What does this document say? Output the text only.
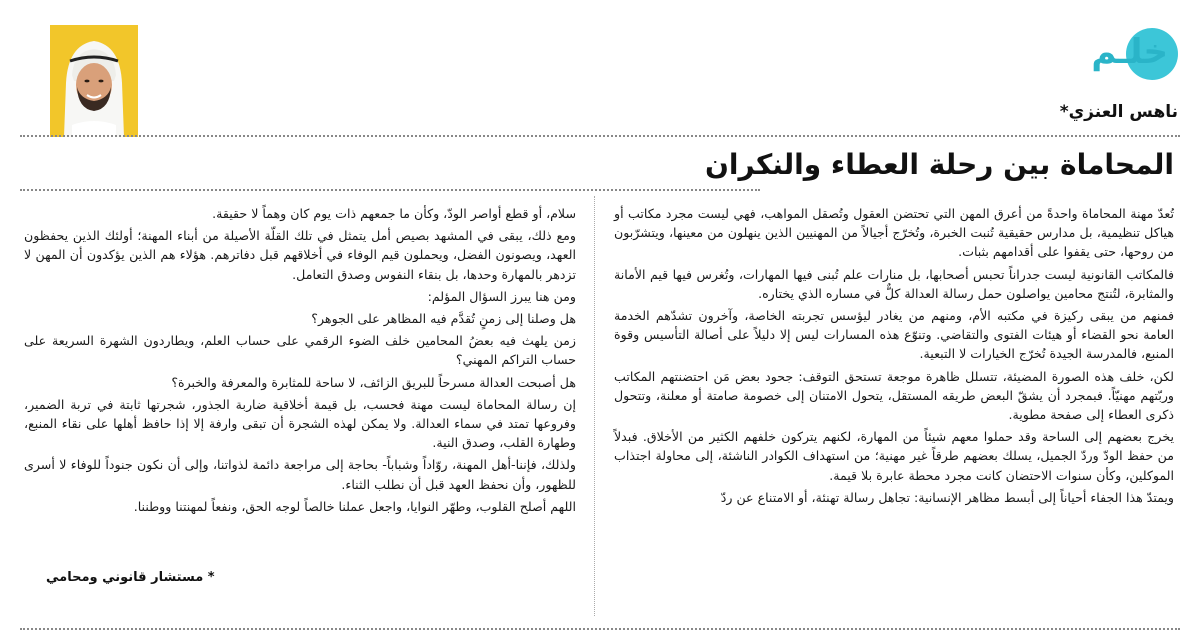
خلـم
ناهس العنزي*
المحاماة بين رحلة العطاء والنكران

تُعدّ مهنة المحاماة واحدةً من أعرق المهن التي تحتضن العقول وتُصقل المواهب، فهي ليست مجرد مكاتب أو هياكل تنظيمية، بل مدارس حقيقية تُنبت الخبرة، وتُخرّج أجيالاً من المهنيين الذين ينهلون من معينها، ويتشرّبون من روحها، حتى يقفوا على أقدامهم بثبات.

فالمكاتب القانونية ليست جدراناً تحبس أصحابها، بل منارات علم تُبنى فيها المهارات، وتُغرس فيها قيم الأمانة والمثابرة، لتُنتج محامين يواصلون حمل رسالة العدالة كلٌّ في مساره الذي يختاره.

فمنهم من يبقى ركيزة في مكتبه الأم، ومنهم من يغادر ليؤسس تجربته الخاصة، وآخرون تشدّهم الخدمة العامة نحو القضاء أو هيئات الفتوى والتقاضي. وتنوّع هذه المسارات ليس إلا دليلاً على أصالة التأسيس وقوة المنبع، فالمدرسة الجيدة تُخرّج الخيارات لا التبعية.

لكن، خلف هذه الصورة المضيئة، تتسلل ظاهرة موجعة تستحق التوقف: جحود بعض مَن احتضنتهم المكاتب وربّتهم مهنيّاً. فبمجرد أن يشقّ البعض طريقه المستقل، يتحول الامتنان إلى خصومة صامتة أو معلنة، وتتحول ذكرى العطاء إلى صفحة مطوية.

يخرج بعضهم إلى الساحة وقد حملوا معهم شيئاً من المهارة، لكنهم يتركون خلفهم الكثير من الأخلاق. فبدلاً من حفظ الودّ وردّ الجميل، يسلك بعضهم طرقاً غير مهنية؛ من استهداف الكوادر الناشئة، إلى محاولة اجتذاب الموكلين، وكأن سنوات الاحتضان كانت مجرد محطة عابرة بلا قيمة.

ويمتدّ هذا الجفاء أحياناً إلى أبسط مظاهر الإنسانية: تجاهل رسالة تهنئة، أو الامتناع عن ردّ

سلام، أو قطع أواصر الودّ، وكأن ما جمعهم ذات يوم كان وهماً لا حقيقة.

ومع ذلك، يبقى في المشهد بصيص أمل يتمثل في تلك القلّة الأصيلة من أبناء المهنة؛ أولئك الذين يحفظون العهد، ويصونون الفضل، ويحملون قيم الوفاء في أخلاقهم قبل دفاترهم. هؤلاء هم الذين يؤكدون أن المهن لا تزدهر بالمهارة وحدها، بل بنقاء النفوس وصدق التعامل.

ومن هنا يبرز السؤال المؤلم:

هل وصلنا إلى زمنٍ تُقدَّم فيه المظاهر على الجوهر؟

زمن يلهث فيه بعضُ المحامين خلف الضوء الرقمي على حساب العلم، ويطاردون الشهرة السريعة على حساب التراكم المهني؟

هل أصبحت العدالة مسرحاً للبريق الزائف، لا ساحة للمثابرة والمعرفة والخبرة؟

إن رسالة المحاماة ليست مهنة فحسب، بل قيمة أخلاقية ضاربة الجذور، شجرتها ثابتة في تربة الضمير، وفروعها تمتد في سماء العدالة. ولا يمكن لهذه الشجرة أن تبقى وارفة إلا إذا حافظ أهلها على نقاء المنبع، وطهارة القلب، وصدق النية.

ولذلك، فإننا-أهل المهنة، روّاداً وشباباً- بحاجة إلى مراجعة دائمة لذواتنا، وإلى أن نكون جنوداً للوفاء لا أسرى للظهور، وأن نحفظ العهد قبل أن نطلب الثناء.

اللهم أصلح القلوب، وطهّر النوايا، واجعل عملنا خالصاً لوجه الحق، ونفعاً لمهنتنا ووطننا.

* مستشار قانوني ومحامي
